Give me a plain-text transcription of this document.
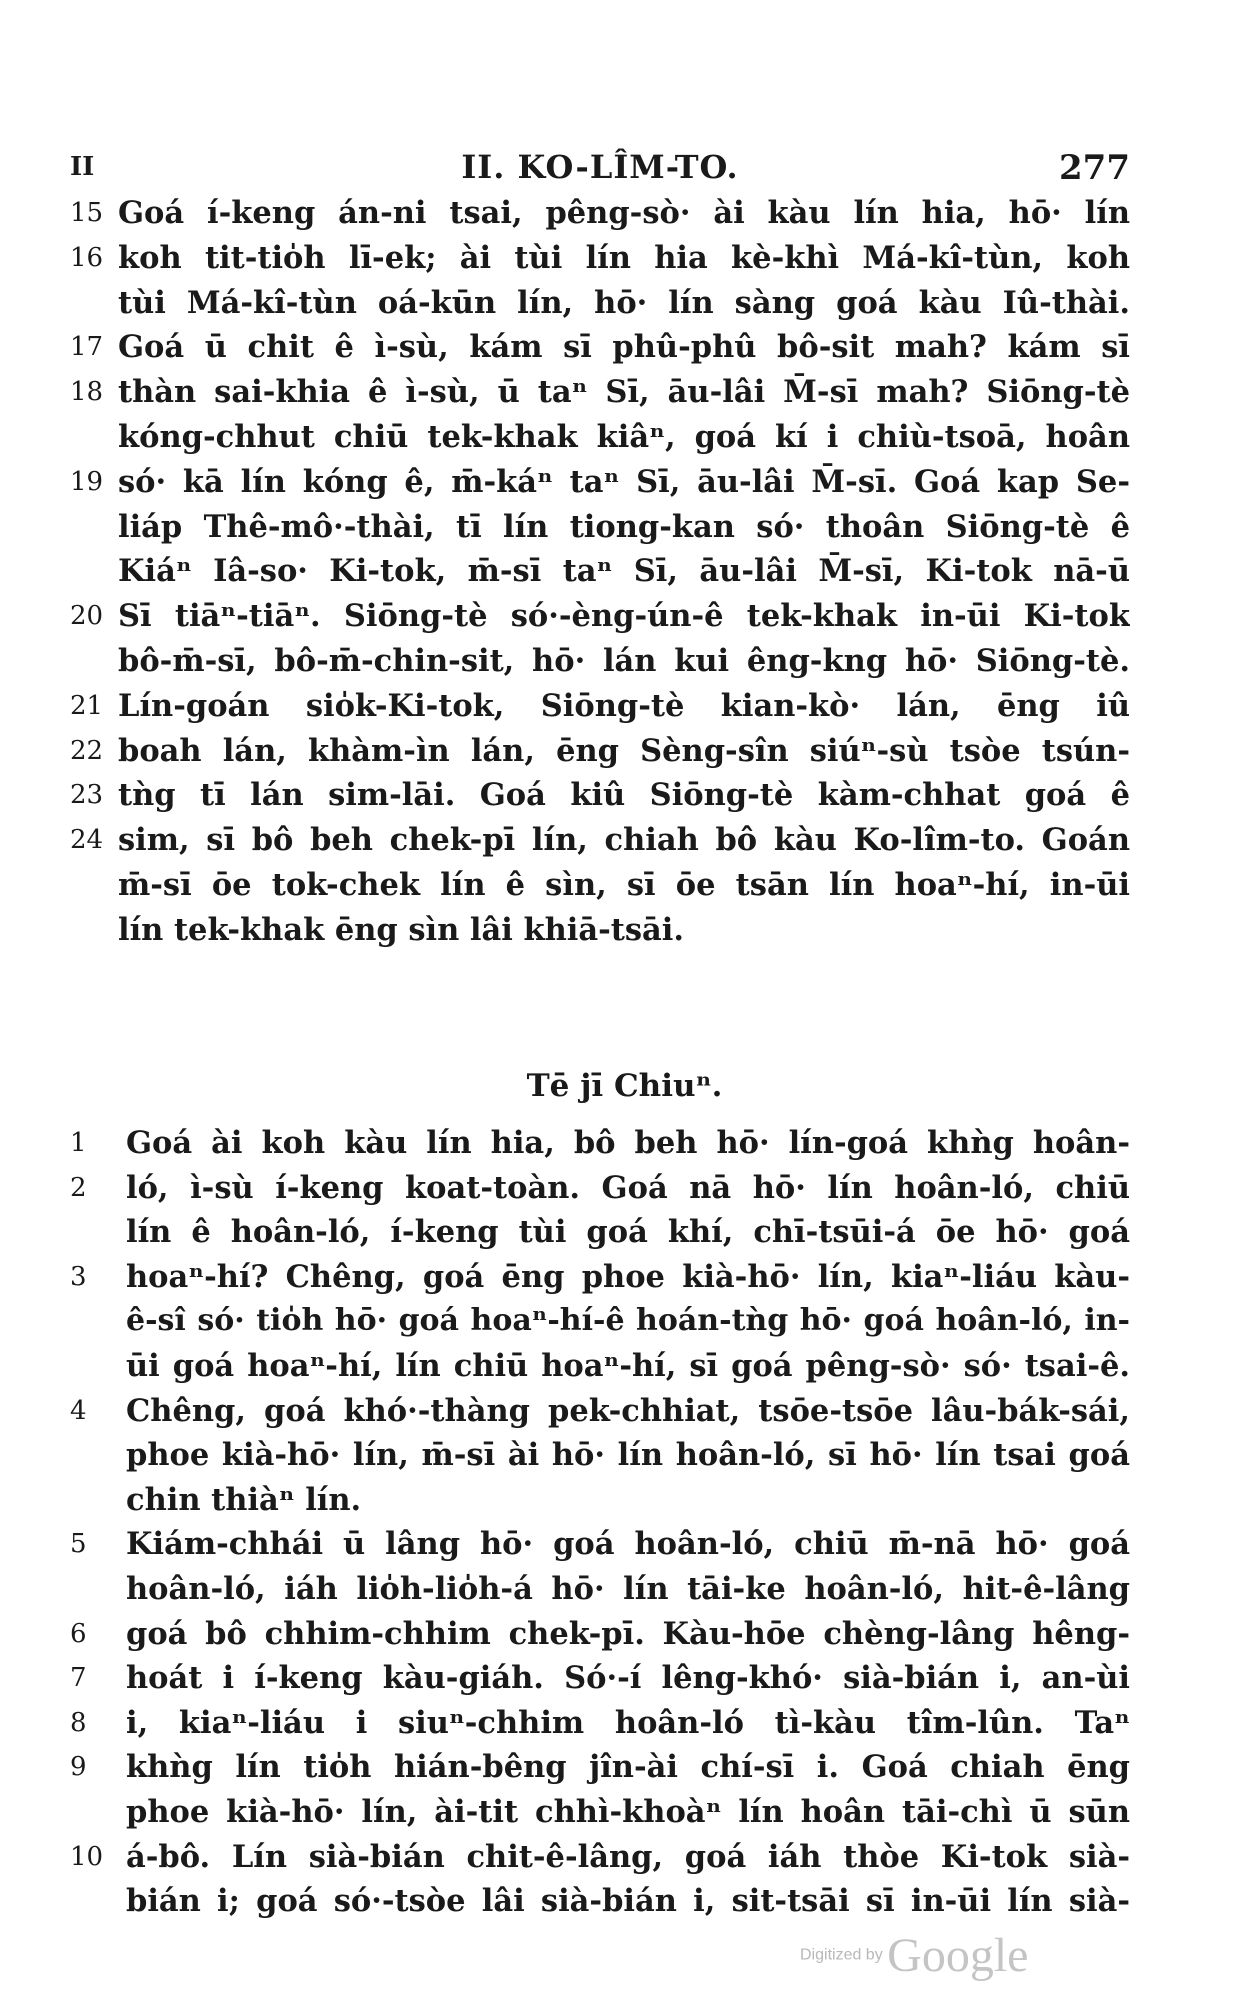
II	II. KO-LÎM-TO.	277
15 Goá í-keng án-ni tsai, pêng-sò· ài kàu lín hia, hō· lín
16 koh tit-tio̍h lī-ek; ài tùi lín hia kè-khì Má-kî-tùn, koh
tùi Má-kî-tùn oá-kūn lín, hō· lín sàng goá kàu Iû-thài.
17 Goá ū chit ê ì-sù, kám sī phû-phû bô-sit mah? kám sī
18 thàn sai-khia ê ì-sù, ū taⁿ Sī, āu-lâi M̄-sī mah? Siōng-tè
kóng-chhut chiū tek-khak kiâⁿ, goá kí i chiù-tsoā, hoân
19 só· kā lín kóng ê, m̄-káⁿ taⁿ Sī, āu-lâi M̄-sī. Goá kap Se-
liáp Thê-mô·-thài, tī lín tiong-kan só· thoân Siōng-tè ê
Kiáⁿ Iâ-so· Ki-tok, m̄-sī taⁿ Sī, āu-lâi M̄-sī, Ki-tok nā-ū
20 Sī tiāⁿ-tiāⁿ. Siōng-tè só·-èng-ún-ê tek-khak in-ūi Ki-tok
bô-m̄-sī, bô-m̄-chin-sit, hō· lán kui êng-kng hō· Siōng-tè.
21 Lín-goán sio̍k-Ki-tok, Siōng-tè kian-kò· lán, ēng iû
22 boah lán, khàm-ìn lán, ēng Sèng-sîn siúⁿ-sù tsòe tsún-
23 tǹg tī lán sim-lāi. Goá kiû Siōng-tè kàm-chhat goá ê
24 sim, sī bô beh chek-pī lín, chiah bô kàu Ko-lîm-to. Goán
m̄-sī ōe tok-chek lín ê sìn, sī ōe tsān lín hoaⁿ-hí, in-ūi
lín tek-khak ēng sìn lâi khiā-tsāi.
Tē jī Chiuⁿ.
1	Goá ài koh kàu lín hia, bô beh hō· lín-goá khǹg hoân-
2	ló, ì-sù í-keng koat-toàn. Goá nā hō· lín hoân-ló, chiū
lín ê hoân-ló, í-keng tùi goá khí, chī-tsūi-á ōe hō· goá
3	hoaⁿ-hí? Chêng, goá ēng phoe kià-hō· lín, kiaⁿ-liáu kàu-
ê-sî só· tio̍h hō· goá hoaⁿ-hí-ê hoán-tǹg hō· goá hoân-ló, in-
ūi goá hoaⁿ-hí, lín chiū hoaⁿ-hí, sī goá pêng-sò· só· tsai-ê.
4	Chêng, goá khó·-thàng pek-chhiat, tsōe-tsōe lâu-bák-sái,
phoe kià-hō· lín, m̄-sī ài hō· lín hoân-ló, sī hō· lín tsai goá
chin thiàⁿ lín.
5	Kiám-chhái ū lâng hō· goá hoân-ló, chiū m̄-nā hō· goá
hoân-ló, iáh lio̍h-lio̍h-á hō· lín tāi-ke hoân-ló, hit-ê-lâng
6	goá bô chhim-chhim chek-pī. Kàu-hōe chèng-lâng hêng-
7	hoát i í-keng kàu-giáh. Só·-í lêng-khó· sià-bián i, an-ùi
8	i, kiaⁿ-liáu i siuⁿ-chhim hoân-ló tì-kàu tîm-lûn. Taⁿ
9	khǹg lín tio̍h hián-bêng jîn-ài chí-sī i. Goá chiah ēng
phoe kià-hō· lín, ài-tit chhì-khoàⁿ lín hoân tāi-chì ū sūn
10 á-bô. Lín sià-bián chit-ê-lâng, goá iáh thòe Ki-tok sià-
bián i; goá só·-tsòe lâi sià-bián i, sit-tsāi sī in-ūi lín sià-
Digitized by Google
